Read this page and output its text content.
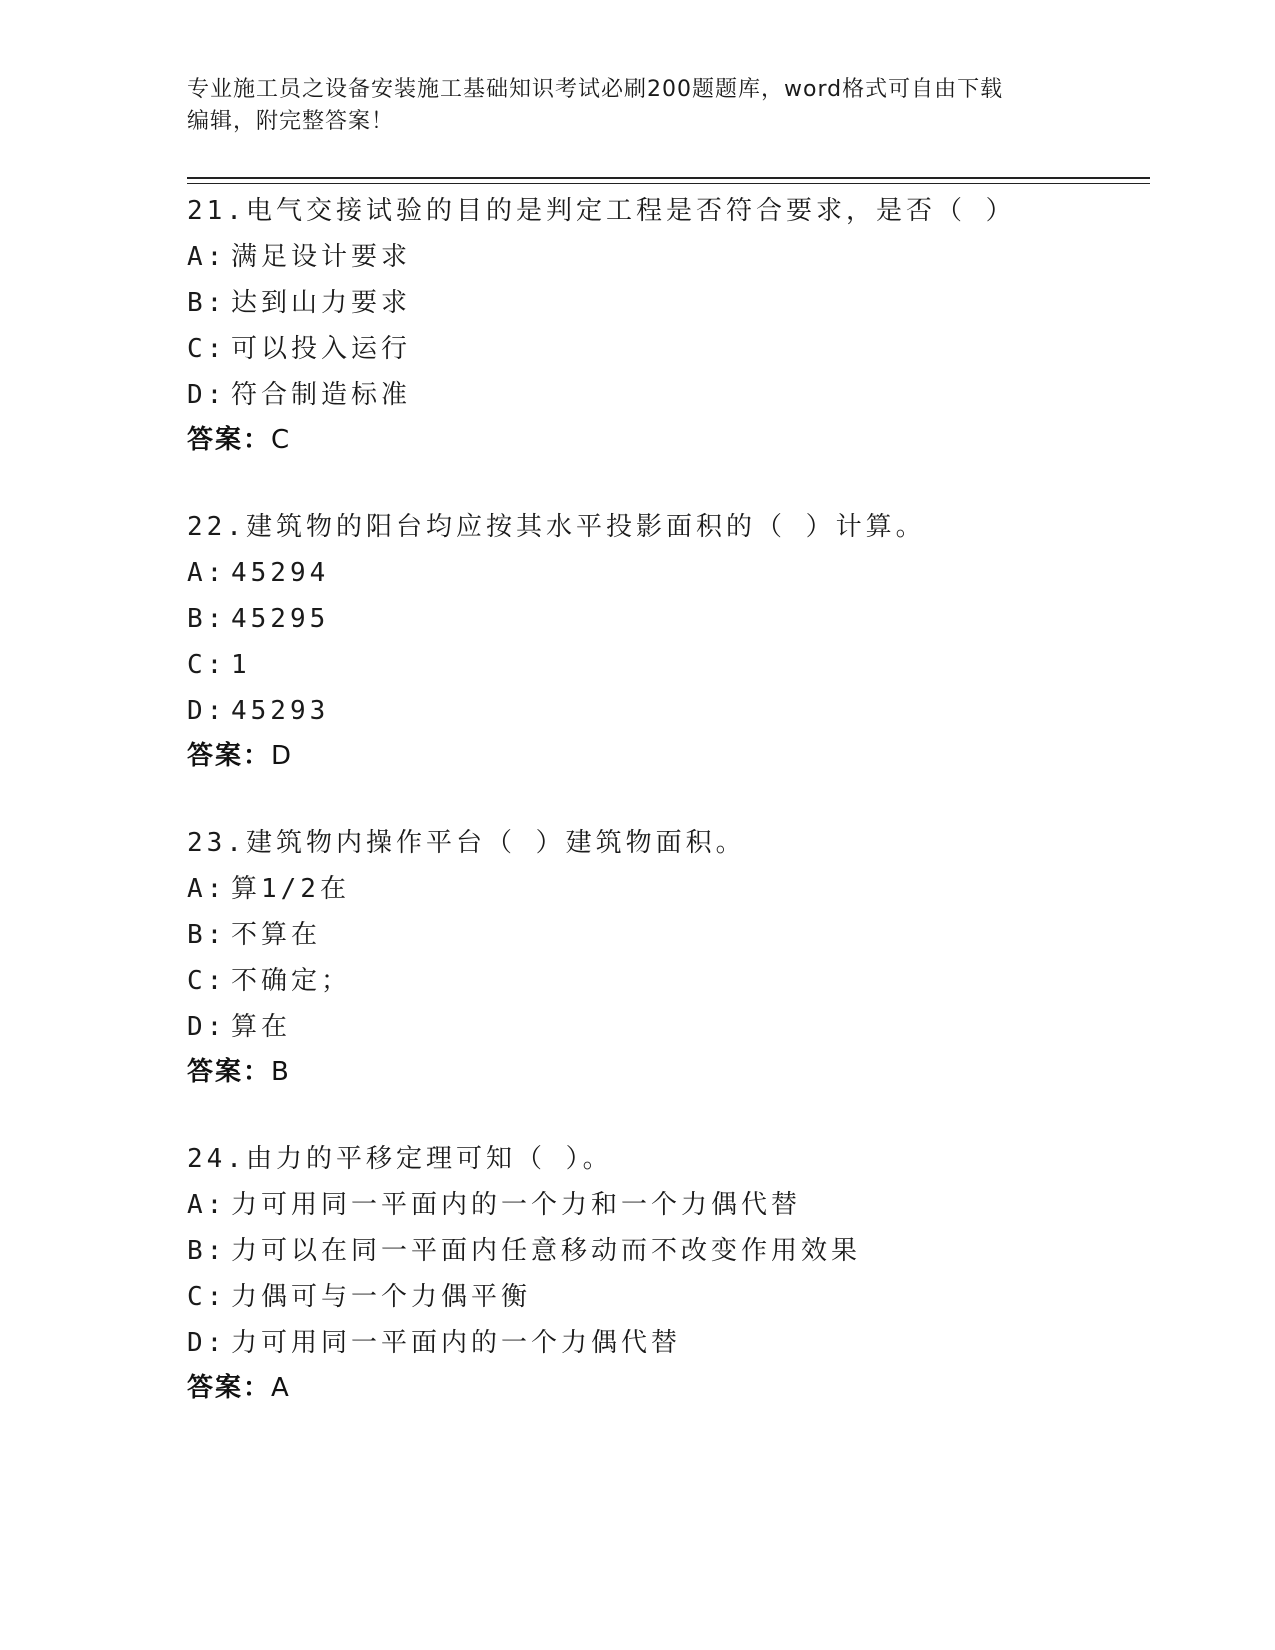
专业施工员之设备安装施工基础知识考试必刷200题题库，word格式可自由下载
编辑，附完整答案！
21.电气交接试验的目的是判定工程是否符合要求，是否（ ）
A: 满足设计要求
B: 达到山力要求
C: 可以投入运行
D: 符合制造标准
答案：C
22.建筑物的阳台均应按其水平投影面积的（ ）计算。
A: 45294
B: 45295
C: 1
D: 45293
答案：D
23.建筑物内操作平台（ ）建筑物面积。
A: 算1/2在
B: 不算在
C: 不确定；
D: 算在
答案：B
24.由力的平移定理可知（ ）。
A: 力可用同一平面内的一个力和一个力偶代替
B: 力可以在同一平面内任意移动而不改变作用效果
C: 力偶可与一个力偶平衡
D: 力可用同一平面内的一个力偶代替
答案：A
